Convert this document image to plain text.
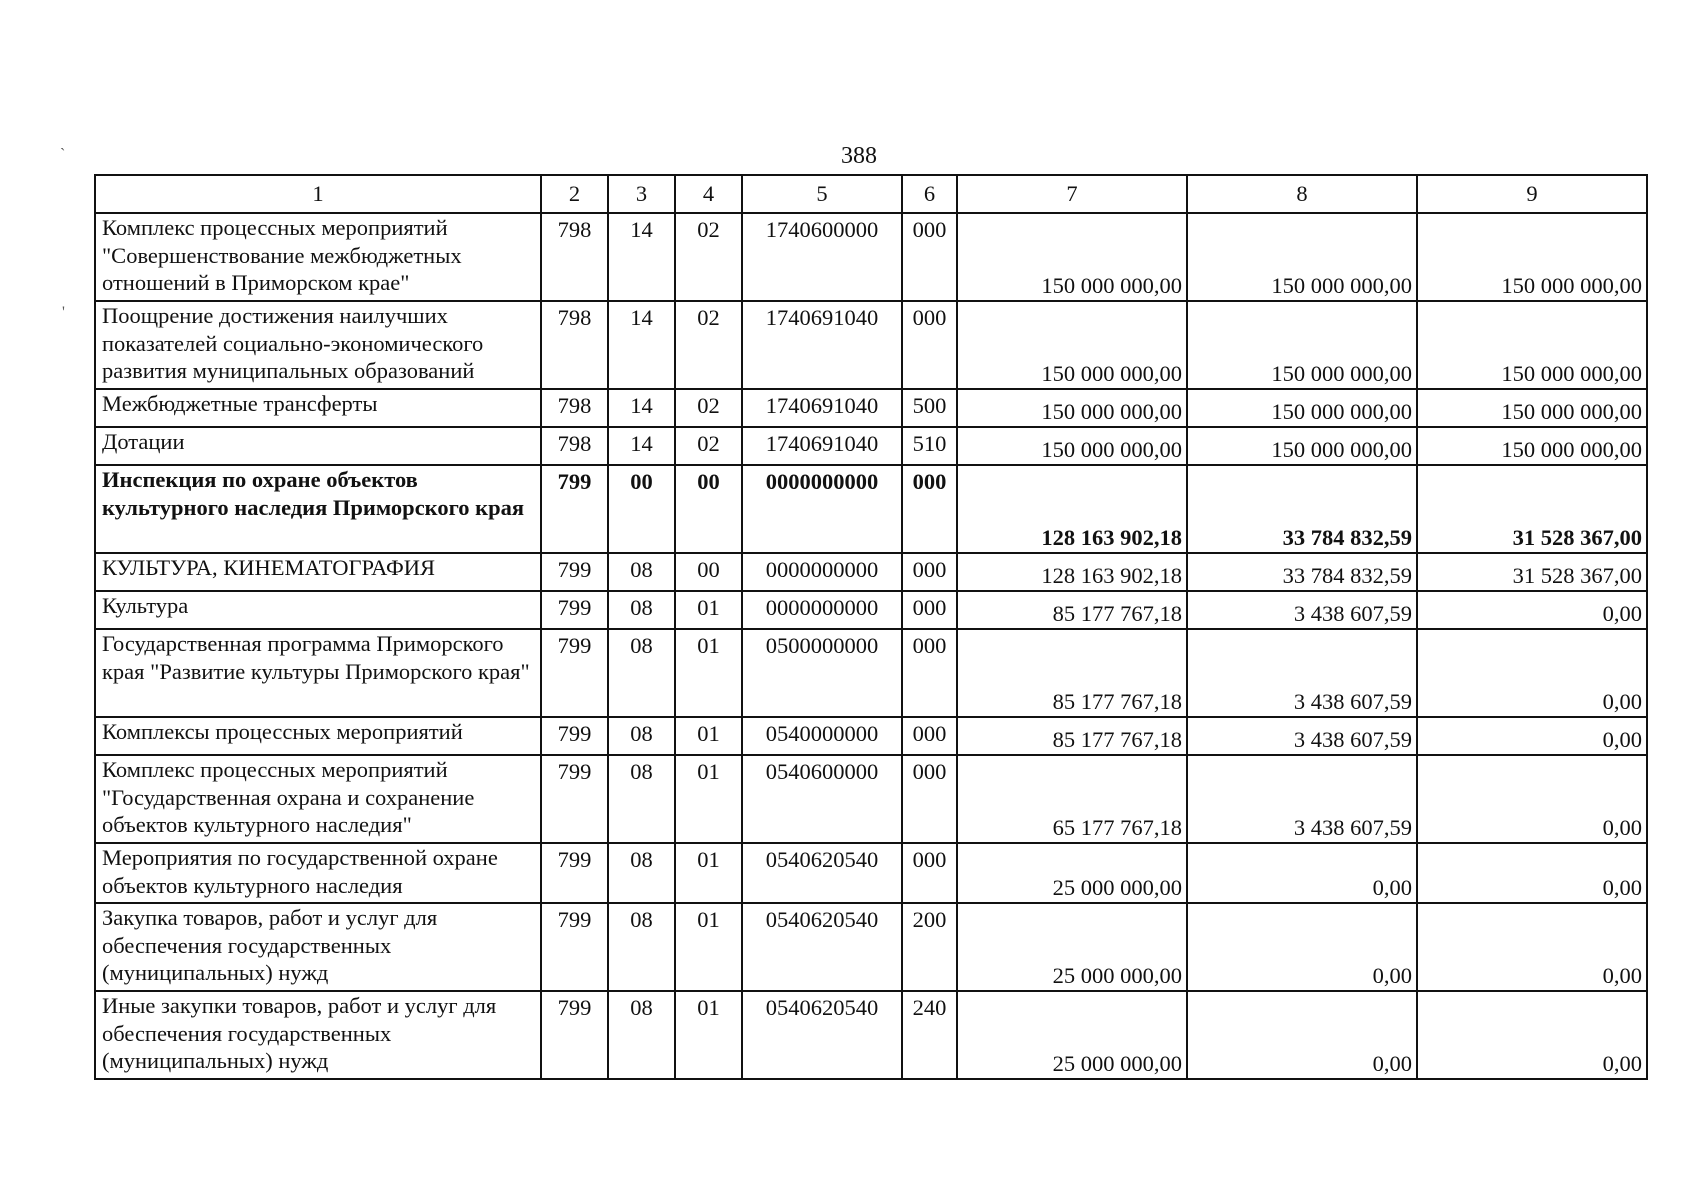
388
`
'
1	2	3	4	5	6	7	8	9
Комплекс процессных мероприятий "Совершенствование межбюджетных отношений в Приморском крае"	798	14	02	1740600000	000	150 000 000,00	150 000 000,00	150 000 000,00
Поощрение достижения наилучших показателей социально-экономического развития муниципальных образований	798	14	02	1740691040	000	150 000 000,00	150 000 000,00	150 000 000,00
Межбюджетные трансферты	798	14	02	1740691040	500	150 000 000,00	150 000 000,00	150 000 000,00
Дотации	798	14	02	1740691040	510	150 000 000,00	150 000 000,00	150 000 000,00
Инспекция по охране объектов культурного наследия Приморского края	799	00	00	0000000000	000	128 163 902,18	33 784 832,59	31 528 367,00
КУЛЬТУРА, КИНЕМАТОГРАФИЯ	799	08	00	0000000000	000	128 163 902,18	33 784 832,59	31 528 367,00
Культура	799	08	01	0000000000	000	85 177 767,18	3 438 607,59	0,00
Государственная программа Приморского края "Развитие культуры Приморского края"	799	08	01	0500000000	000	85 177 767,18	3 438 607,59	0,00
Комплексы процессных мероприятий	799	08	01	0540000000	000	85 177 767,18	3 438 607,59	0,00
Комплекс процессных мероприятий "Государственная охрана и сохранение объектов культурного наследия"	799	08	01	0540600000	000	65 177 767,18	3 438 607,59	0,00
Мероприятия по государственной охране объектов культурного наследия	799	08	01	0540620540	000	25 000 000,00	0,00	0,00
Закупка товаров, работ и услуг для обеспечения государственных (муниципальных) нужд	799	08	01	0540620540	200	25 000 000,00	0,00	0,00
Иные закупки товаров, работ и услуг для обеспечения государственных (муниципальных) нужд	799	08	01	0540620540	240	25 000 000,00	0,00	0,00
